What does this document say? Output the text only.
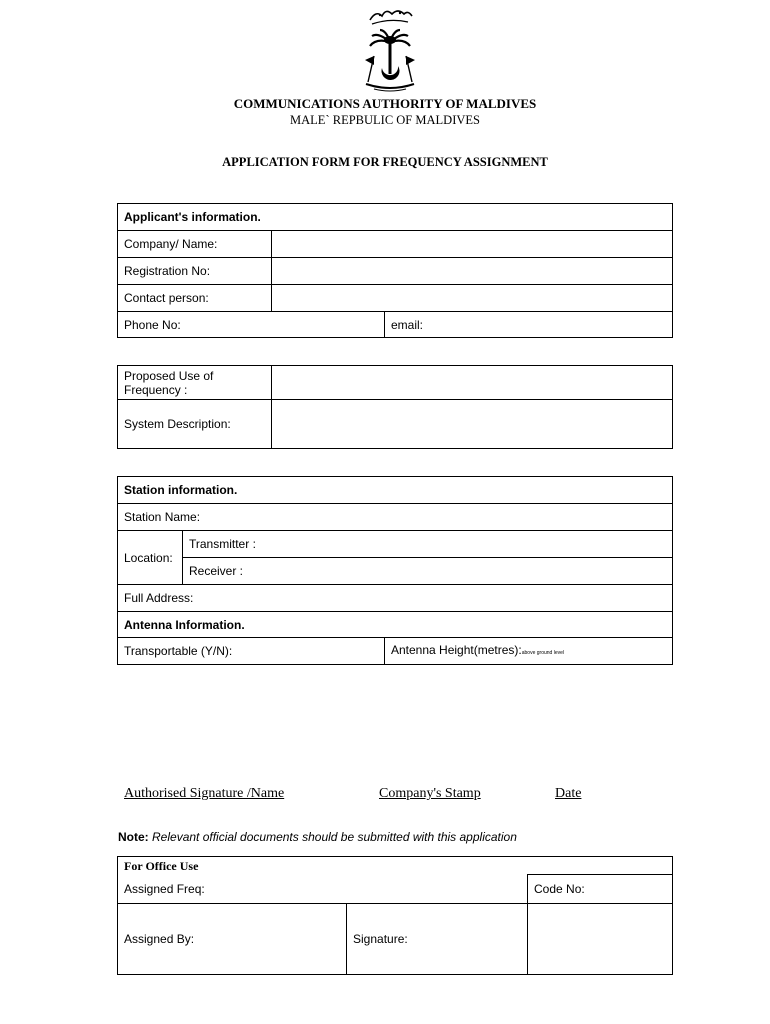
COMMUNICATIONS AUTHORITY OF MALDIVES
MALE` REPBULIC OF MALDIVES
APPLICATION FORM FOR FREQUENCY ASSIGNMENT
Applicant's information.		
Company/ Name:		
Registration No:		
Contact person:		
Phone No:		email:
Proposed Use of Frequency :	
System Description:	
Station information.		
Station Name:		
Location:	Transmitter :	
	Receiver :	
Full Address:		
Antenna Information.		
Transportable (Y/N):		Antenna Height(metres):above ground level
Authorised Signature /Name	Company's Stamp	Date
Note: Relevant official documents should be submitted with this application
For Office Use		
Assigned Freq:		Code No:
Assigned By:	Signature:	
